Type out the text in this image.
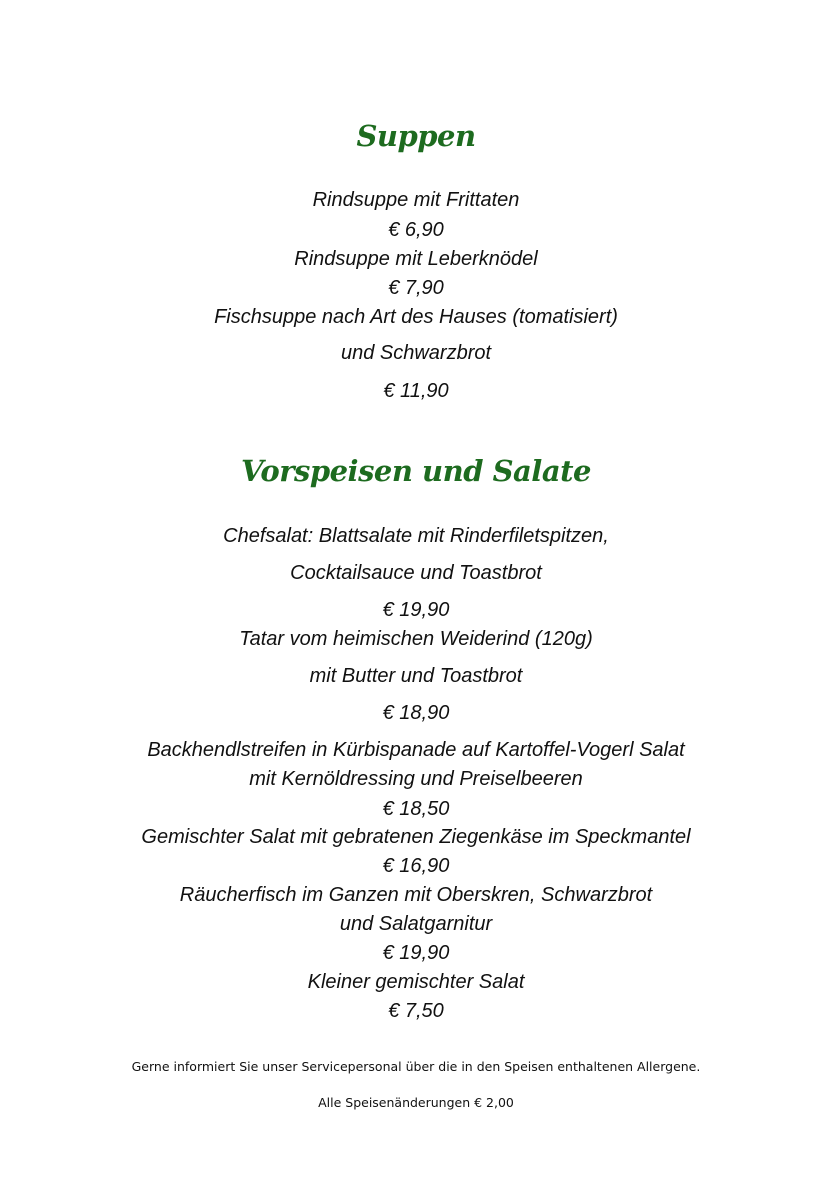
Suppen
Rindsuppe mit Frittaten
€ 6,90
Rindsuppe mit Leberknödel
€ 7,90
Fischsuppe nach Art des Hauses (tomatisiert)
und Schwarzbrot
€ 11,90
Vorspeisen und Salate
Chefsalat: Blattsalate mit Rinderfiletspitzen,
Cocktailsauce und Toastbrot
€ 19,90
Tatar vom heimischen Weiderind (120g)
mit Butter und Toastbrot
€ 18,90
Backhendlstreifen in Kürbispanade auf Kartoffel-Vogerl Salat
mit Kernöldressing und Preiselbeeren
€ 18,50
Gemischter Salat mit gebratenen Ziegenkäse im Speckmantel
€ 16,90
Räucherfisch im Ganzen mit Oberskren, Schwarzbrot
und Salatgarnitur
€ 19,90
Kleiner gemischter Salat
€ 7,50
Gerne informiert Sie unser Servicepersonal über die in den Speisen enthaltenen Allergene.
Alle Speisenänderungen € 2,00
